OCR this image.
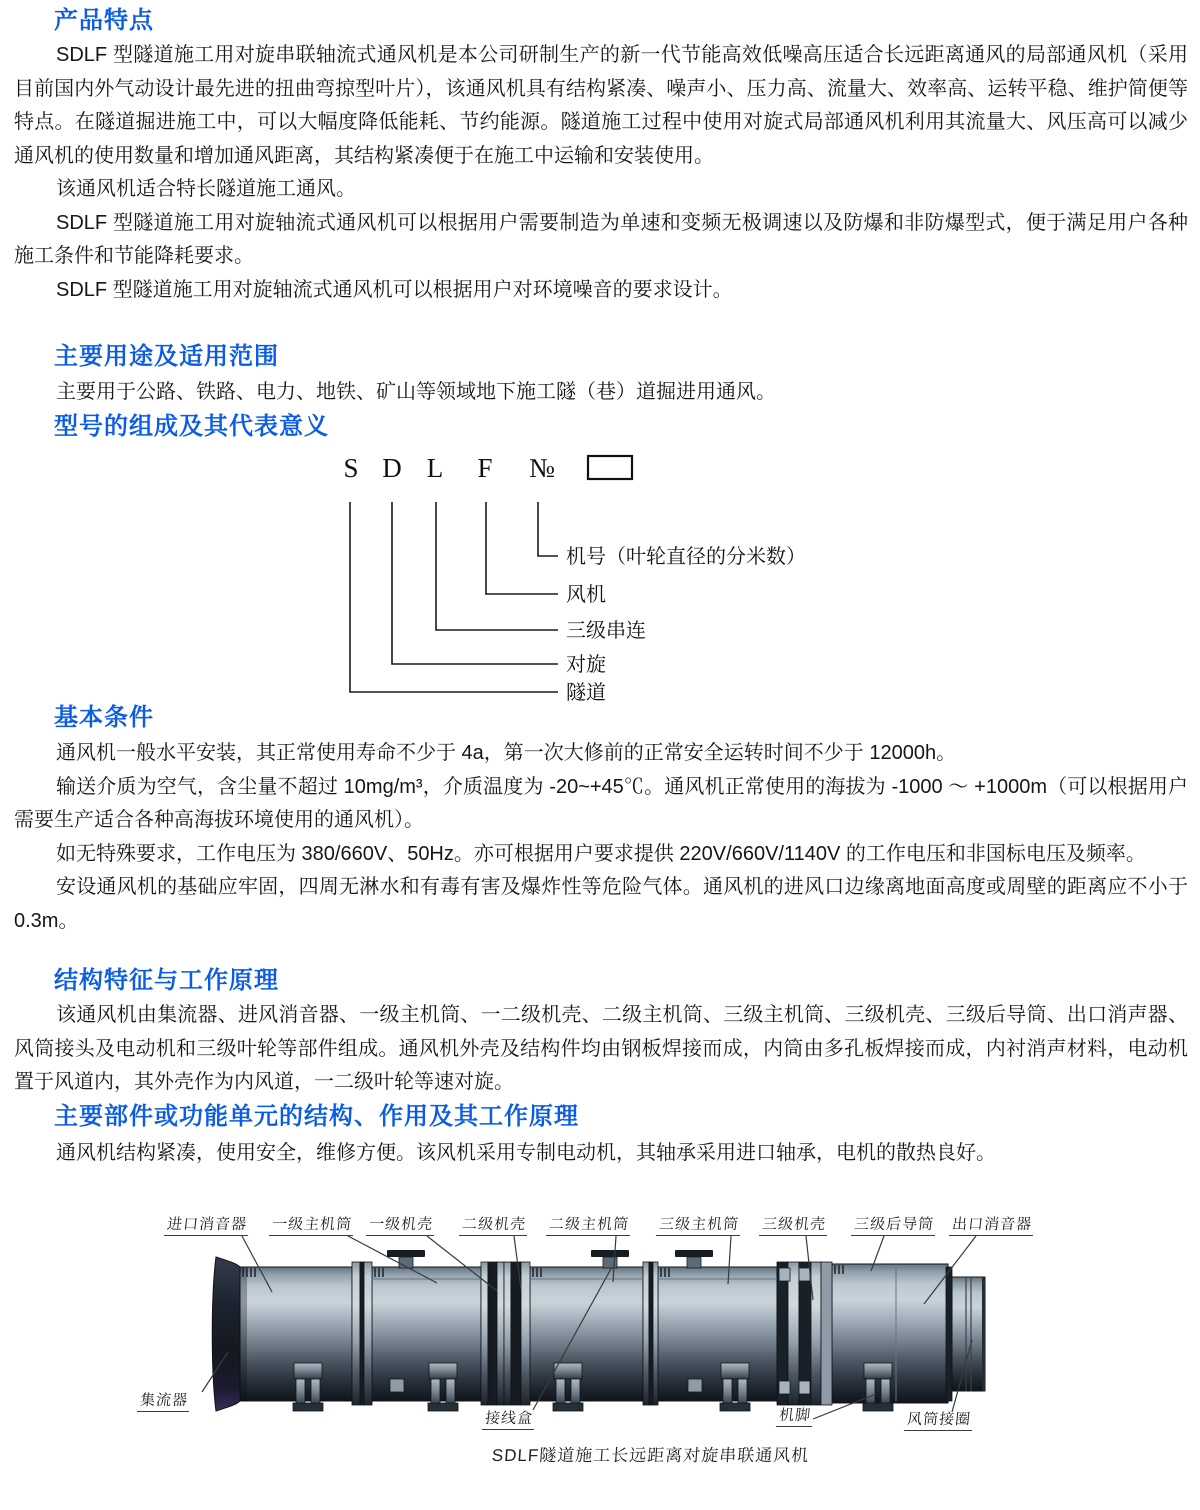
产品特点

SDLF 型隧道施工用对旋串联轴流式通风机是本公司研制生产的新一代节能高效低噪高压适合长远距离通风的局部通风机（采用目前国内外气动设计最先进的扭曲弯掠型叶片），该通风机具有结构紧凑、噪声小、压力高、流量大、效率高、运转平稳、维护简便等特点。在隧道掘进施工中，可以大幅度降低能耗、节约能源。隧道施工过程中使用对旋式局部通风机利用其流量大、风压高可以减少通风机的使用数量和增加通风距离，其结构紧凑便于在施工中运输和安装使用。

该通风机适合特长隧道施工通风。

SDLF 型隧道施工用对旋轴流式通风机可以根据用户需要制造为单速和变频无极调速以及防爆和非防爆型式，便于满足用户各种施工条件和节能降耗要求。

SDLF 型隧道施工用对旋轴流式通风机可以根据用户对环境噪音的要求设计。

主要用途及适用范围

主要用于公路、铁路、电力、地铁、矿山等领域地下施工隧（巷）道掘进用通风。

型号的组成及其代表意义
S D L F №
机号（叶轮直径的分米数）
风机
三级串连
对旋
隧道
基本条件

通风机一般水平安装，其正常使用寿命不少于 4a，第一次大修前的正常安全运转时间不少于 12000h。

输送介质为空气，含尘量不超过 10mg/m³，介质温度为 -20~+45℃。通风机正常使用的海拔为 -1000 ～ +1000m（可以根据用户需要生产适合各种高海拔环境使用的通风机）。

如无特殊要求，工作电压为 380/660V、50Hz。亦可根据用户要求提供 220V/660V/1140V 的工作电压和非国标电压及频率。

安设通风机的基础应牢固，四周无淋水和有毒有害及爆炸性等危险气体。通风机的进风口边缘离地面高度或周壁的距离应不小于 0.3m。

结构特征与工作原理

该通风机由集流器、进风消音器、一级主机筒、一二级机壳、二级主机筒、三级主机筒、三级机壳、三级后导筒、出口消声器、风筒接头及电动机和三级叶轮等部件组成。通风机外壳及结构件均由钢板焊接而成，内筒由多孔板焊接而成，内衬消声材料，电动机置于风道内，其外壳作为内风道，一二级叶轮等速对旋。

主要部件或功能单元的结构、作用及其工作原理

通风机结构紧凑，使用安全，维修方便。该风机采用专制电动机，其轴承采用进口轴承，电机的散热良好。

进口消音器 一级主机筒 一级机壳 二级机壳 二级主机筒 三级主机筒 三级机壳 三级后导筒 出口消音器
集流器
接线盒	机脚	风筒接圈
SDLF隧道施工长远距离对旋串联通风机
